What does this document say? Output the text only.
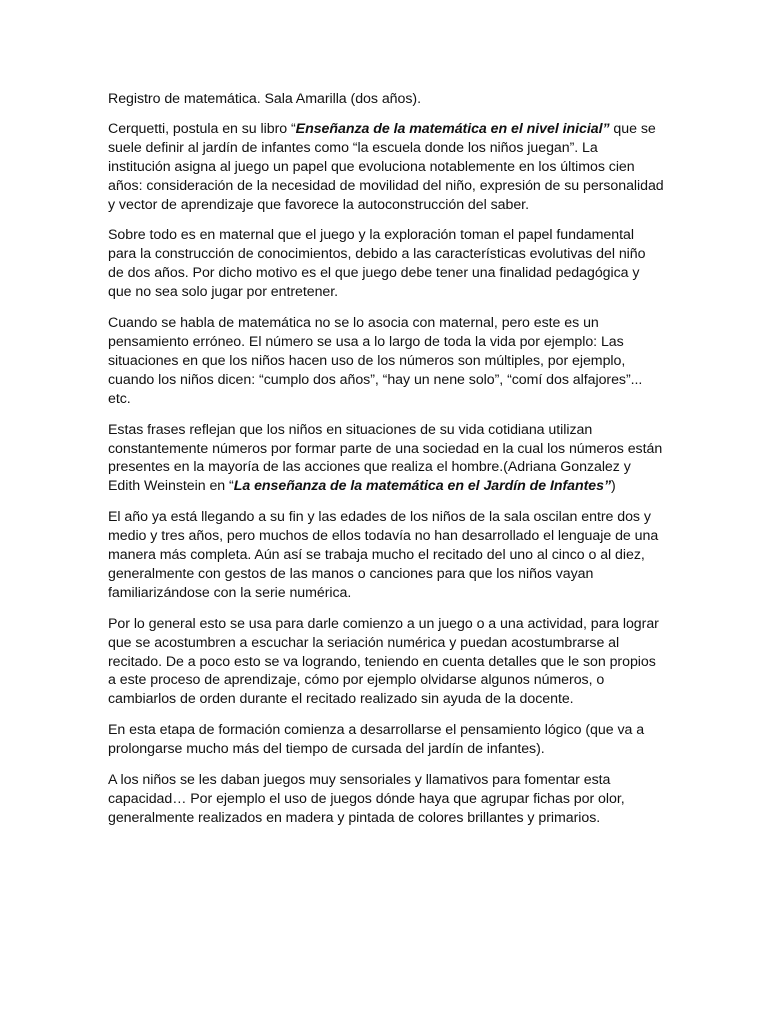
Registro de matemática. Sala Amarilla (dos años).

Cerquetti, postula en su libro “Enseñanza de la matemática en el nivel inicial” que se suele definir al jardín de infantes como “la escuela donde los niños juegan”. La institución asigna al juego un papel que evoluciona notablemente en los últimos cien años: consideración de la necesidad de movilidad del niño, expresión de su personalidad y vector de aprendizaje que favorece la autoconstrucción del saber.

Sobre todo es en maternal que el juego y la exploración toman el papel fundamental para la construcción de conocimientos, debido a las características evolutivas del niño de dos años. Por dicho motivo es el que juego debe tener una finalidad pedagógica y que no sea solo jugar por entretener.

Cuando se habla de matemática no se lo asocia con maternal, pero este es un pensamiento erróneo. El número se usa a lo largo de toda la vida por ejemplo: Las situaciones en que los niños hacen uso de los números son múltiples, por ejemplo, cuando los niños dicen: “cumplo dos años”, “hay un nene solo”, “comí dos alfajores”... etc.

Estas frases reflejan que los niños en situaciones de su vida cotidiana utilizan constantemente números por formar parte de una sociedad en la cual los números están presentes en la mayoría de las acciones que realiza el hombre.(Adriana Gonzalez y Edith Weinstein en “La enseñanza de la matemática en el Jardín de Infantes”)

El año ya está llegando a su fin y las edades de los niños de la sala oscilan entre dos y medio y tres años, pero muchos de ellos todavía no han desarrollado el lenguaje de una manera más completa. Aún así se trabaja mucho el recitado del uno al cinco o al diez, generalmente con gestos de las manos o canciones para que los niños vayan familiarizándose con la serie numérica.

Por lo general esto se usa para darle comienzo a un juego o a una actividad, para lograr que se acostumbren a escuchar la seriación numérica y puedan acostumbrarse al recitado. De a poco esto se va logrando, teniendo en cuenta detalles que le son propios a este proceso de aprendizaje, cómo por ejemplo olvidarse algunos números, o cambiarlos de orden durante el recitado realizado sin ayuda de la docente.

En esta etapa de formación comienza a desarrollarse el pensamiento lógico (que va a prolongarse mucho más del tiempo de cursada del jardín de infantes).

A los niños se les daban juegos muy sensoriales y llamativos para fomentar esta capacidad… Por ejemplo el uso de juegos dónde haya que agrupar fichas por olor, generalmente realizados en madera y pintada de colores brillantes y primarios.
